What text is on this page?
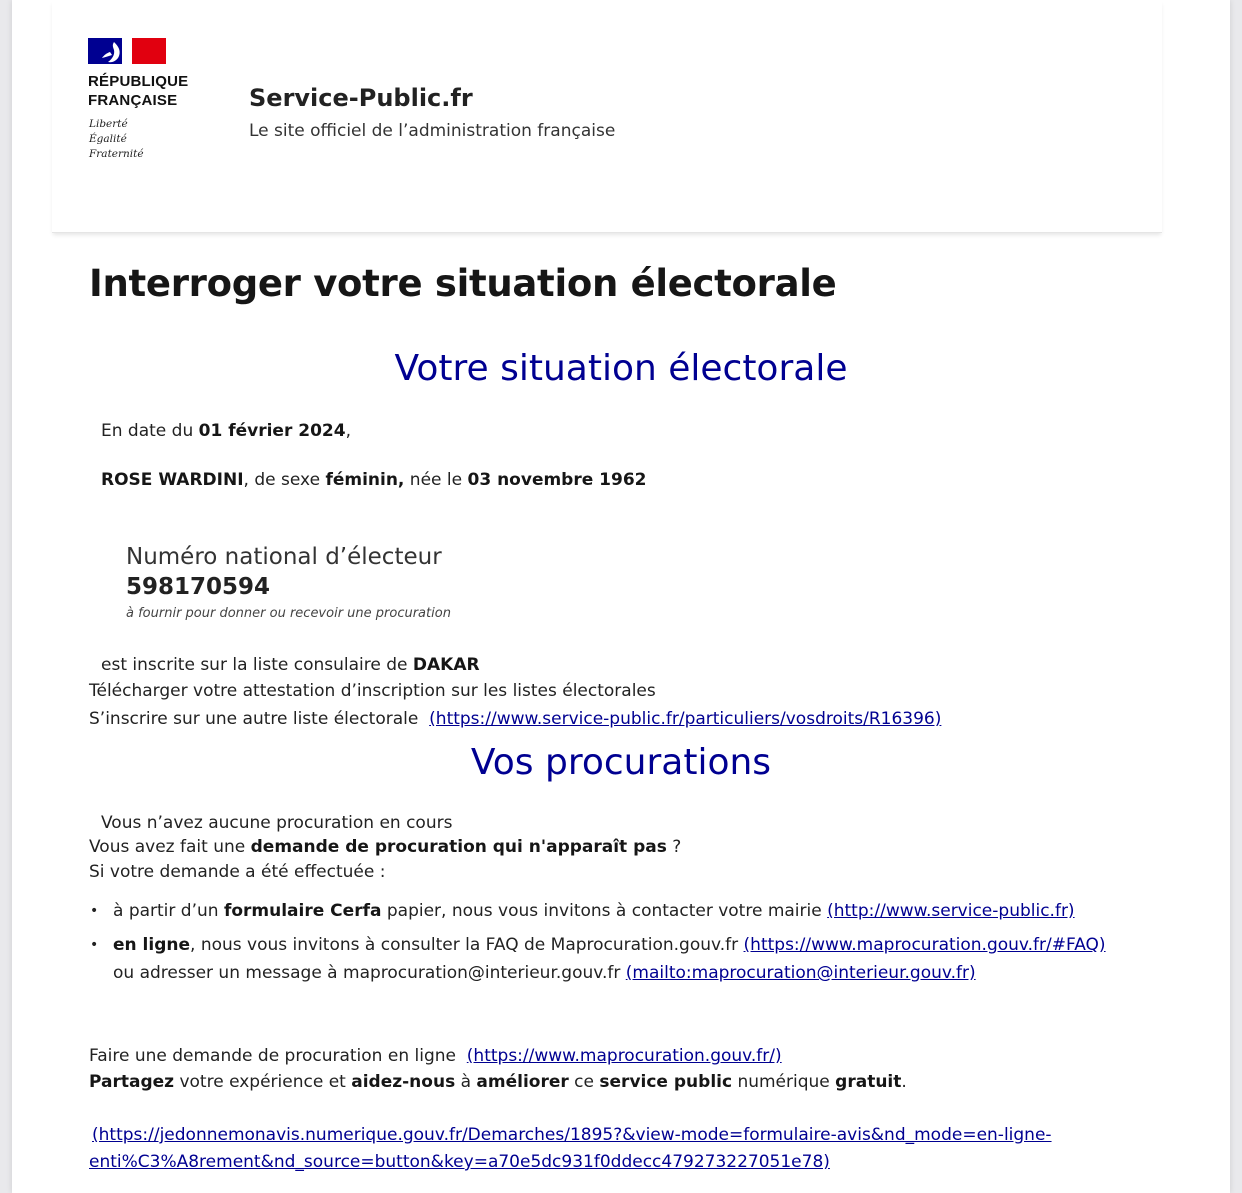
RÉPUBLIQUE
FRANÇAISE
Liberté
Égalité
Fraternité
Service-Public.fr
Le site officiel de l’administration française
Interroger votre situation électorale
Votre situation électorale
En date du 01 février 2024,
ROSE WARDINI, de sexe féminin, née le 03 novembre 1962
Numéro national d’électeur
598170594
à fournir pour donner ou recevoir une procuration
est inscrite sur la liste consulaire de DAKAR
Télécharger votre attestation d’inscription sur les listes électorales
S’inscrire sur une autre liste électorale (https://www.service-public.fr/particuliers/vosdroits/R16396)
Vos procurations
Vous n’avez aucune procuration en cours
Vous avez fait une demande de procuration qui n'apparaît pas ?
Si votre demande a été effectuée :
• à partir d’un formulaire Cerfa papier, nous vous invitons à contacter votre mairie (http://www.service-public.fr)
• en ligne, nous vous invitons à consulter la FAQ de Maprocuration.gouv.fr (https://www.maprocuration.gouv.fr/#FAQ)
ou adresser un message à maprocuration@interieur.gouv.fr (mailto:maprocuration@interieur.gouv.fr)
Faire une demande de procuration en ligne (https://www.maprocuration.gouv.fr/)
Partagez votre expérience et aidez-nous à améliorer ce service public numérique gratuit.
(https://jedonnemonavis.numerique.gouv.fr/Demarches/1895?&view-mode=formulaire-avis&nd_mode=en-ligne-
enti%C3%A8rement&nd_source=button&key=a70e5dc931f0ddecc479273227051e78)
